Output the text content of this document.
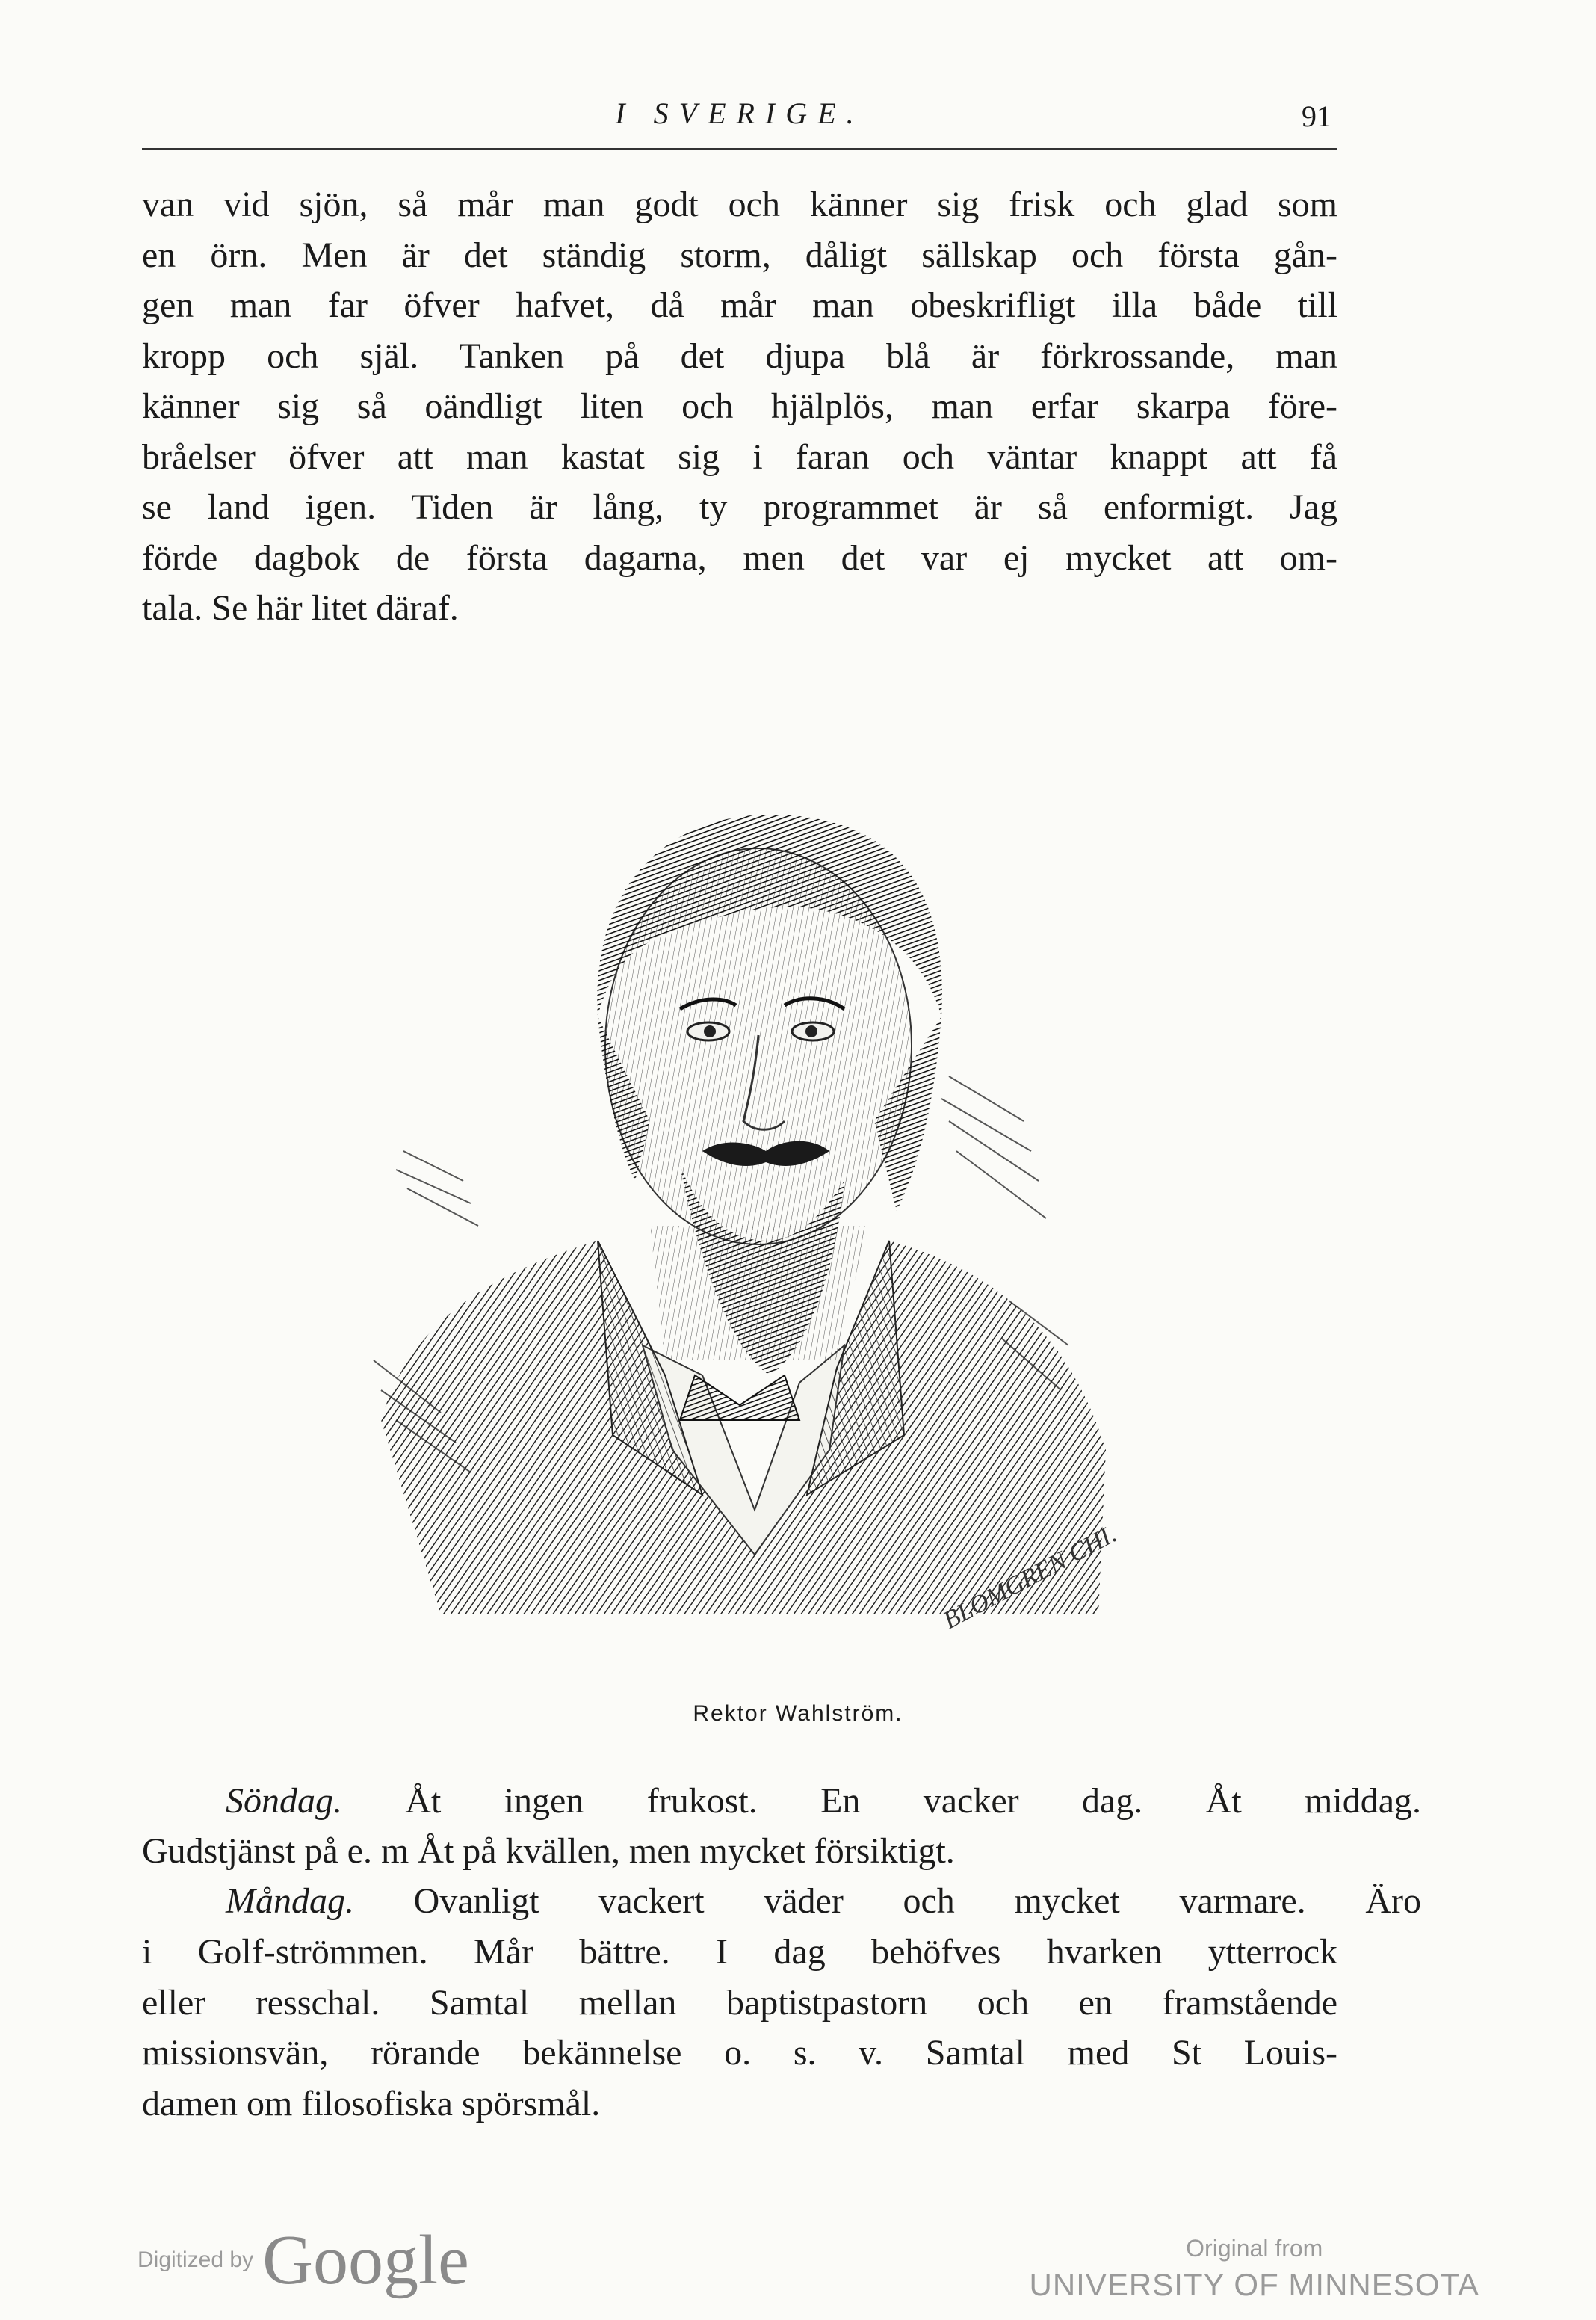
I SVERIGE.	91
van vid sjön, så mår man godt och känner sig frisk och glad som
en örn. Men är det ständig storm, dåligt sällskap och första gån-
gen man far öfver hafvet, då mår man obeskrifligt illa både till
kropp och själ. Tanken på det djupa blå är förkrossande, man
känner sig så oändligt liten och hjälplös, man erfar skarpa före-
bråelser öfver att man kastat sig i faran och väntar knappt att få
se land igen. Tiden är lång, ty programmet är så enformigt. Jag
förde dagbok de första dagarna, men det var ej mycket att om-
tala. Se här litet däraf.
BLOMGREN CHI.
Rektor Wahlström.
Söndag. Åt ingen frukost. En vacker dag. Åt middag.
Gudstjänst på e. m Åt på kvällen, men mycket försiktigt.
Måndag. Ovanligt vackert väder och mycket varmare. Äro
i Golf-strömmen. Mår bättre. I dag behöfves hvarken ytterrock
eller resschal. Samtal mellan baptistpastorn och en framstående
missionsvän, rörande bekännelse o. s. v. Samtal med St Louis-
damen om filosofiska spörsmål.
Digitized by Google	Original from
UNIVERSITY OF MINNESOTA
